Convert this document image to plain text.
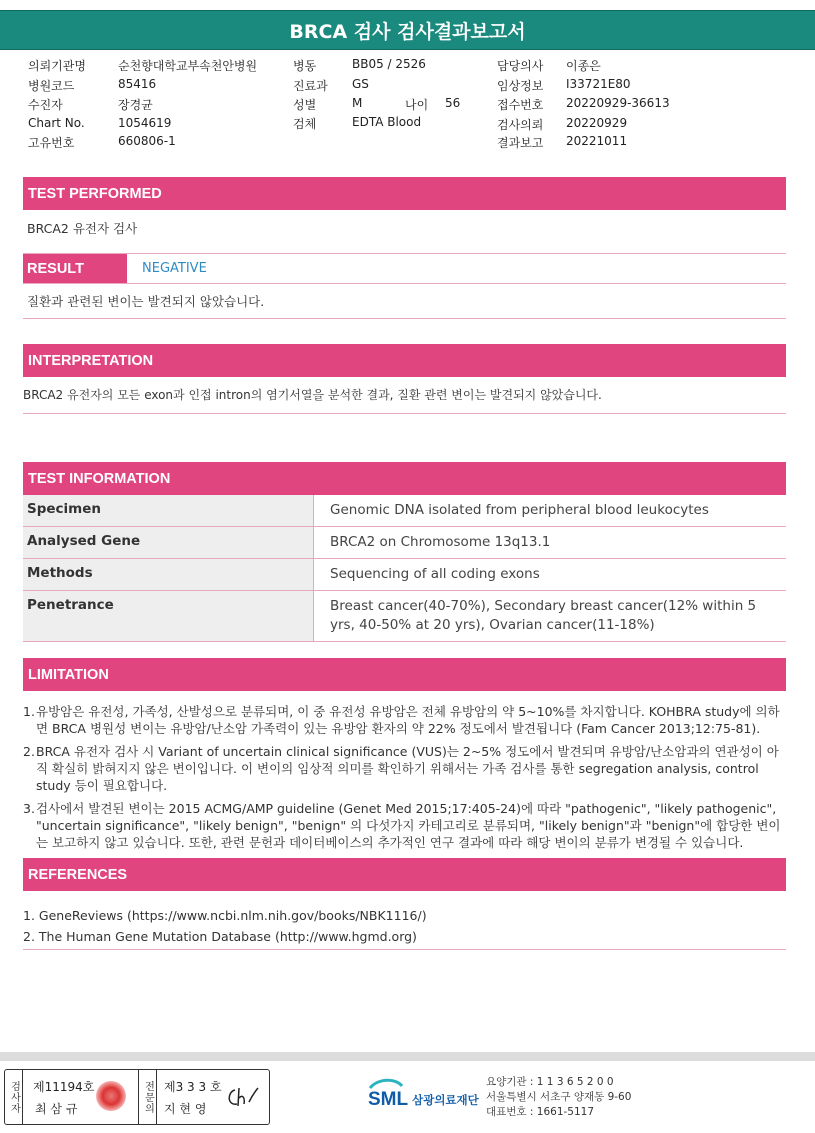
BRCA 검사 검사결과보고서
의뢰기관명	순천향대학교부속천안병원
병원코드	85416
수진자	장경균
Chart No.	1054619
고유번호	660806-1
병동	BB05 / 2526
진료과 GS
성별	M	나이 56
검체	EDTA Blood
담당의사 이종은
임상정보 I33721E80
접수번호 20220929-36613
검사의뢰 20220929
결과보고 20221011
TEST PERFORMED
BRCA2 유전자 검사
RESULT	NEGATIVE
질환과 관련된 변이는 발견되지 않았습니다.
INTERPRETATION
BRCA2 유전자의 모든 exon과 인접 intron의 염기서열을 분석한 결과, 질환 관련 변이는 발견되지 않았습니다.
TEST INFORMATION
Specimen	Genomic DNA isolated from peripheral blood leukocytes
Analysed Gene	BRCA2 on Chromosome 13q13.1
Methods	Sequencing of all coding exons
Penetrance	Breast cancer(40-70%), Secondary breast cancer(12% within 5 yrs, 40-50% at 20 yrs), Ovarian cancer(11-18%)
LIMITATION
1. 유방암은 유전성, 가족성, 산발성으로 분류되며, 이 중 유전성 유방암은 전체 유방암의 약 5~10%를 차지합니다. KOHBRA study에 의하면 BRCA 병원성 변이는 유방암/난소암 가족력이 있는 유방암 환자의 약 22% 정도에서 발견됩니다 (Fam Cancer 2013;12:75-81).
2. BRCA 유전자 검사 시 Variant of uncertain clinical significance (VUS)는 2~5% 정도에서 발견되며 유방암/난소암과의 연관성이 아직 확실히 밝혀지지 않은 변이입니다. 이 변이의 임상적 의미를 확인하기 위해서는 가족 검사를 통한 segregation analysis, control study 등이 필요합니다.
3. 검사에서 발견된 변이는 2015 ACMG/AMP guideline (Genet Med 2015;17:405-24)에 따라 "pathogenic", "likely pathogenic", "uncertain significance", "likely benign", "benign" 의 다섯가지 카테고리로 분류되며, "likely benign"과 "benign"에 합당한 변이는 보고하지 않고 있습니다. 또한, 관련 문헌과 데이터베이스의 추가적인 연구 결과에 따라 해당 변이의 분류가 변경될 수 있습니다.
REFERENCES
1. GeneReviews (https://www.ncbi.nlm.nih.gov/books/NBK1116/)
2. The Human Gene Mutation Database (http://www.hgmd.org)
검사자 제11194호
최 삼 규	전문의 제3 3 3 호
지 현 영	SML 삼광의료재단
요양기관 : 1 1 3 6 5 2 0 0
서울특별시 서초구 양재동 9-60
대표번호 : 1661-5117
